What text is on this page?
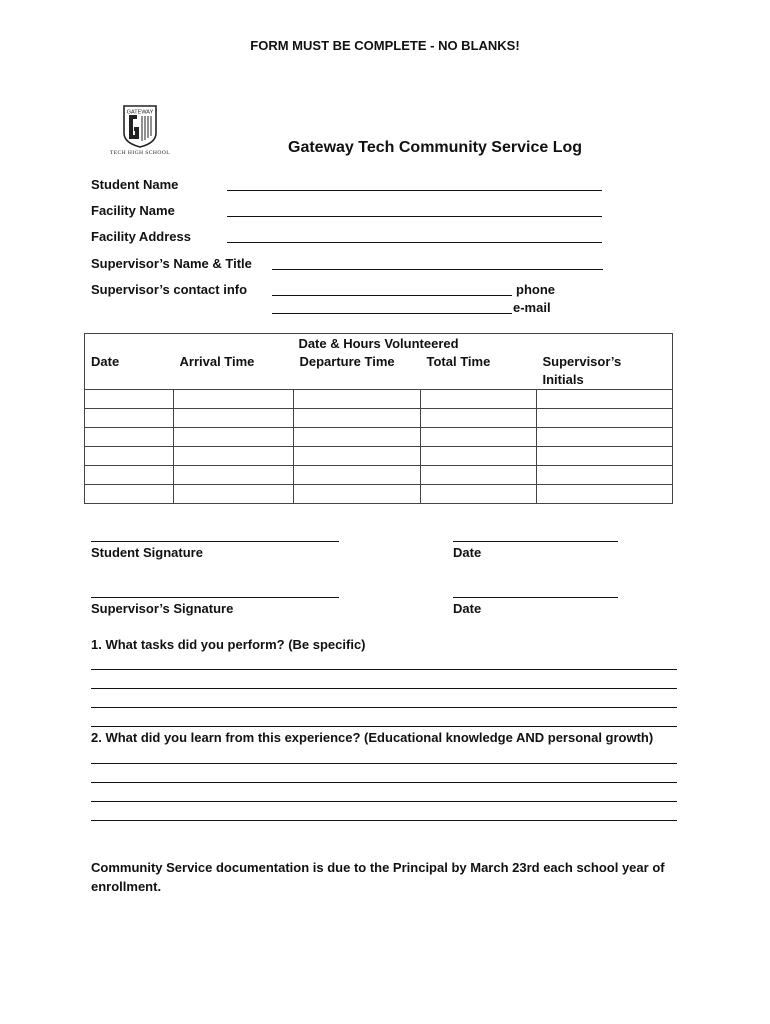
FORM MUST BE COMPLETE - NO BLANKS!
GATEWAY
TECH HIGH SCHOOL	Gateway Tech Community Service Log
Student Name
Facility Name
Facility Address
Supervisor’s Name & Title
Supervisor’s contact info	phone
e-mail
Date & Hours Volunteered				
Date	Arrival Time	Departure Time	Total Time	Supervisor’s Initials

Student Signature	Date
Supervisor’s Signature	Date
1. What tasks did you perform? (Be specific)
2. What did you learn from this experience? (Educational knowledge AND personal growth)
Community Service documentation is due to the Principal by March 23rd each school year of enrollment.
